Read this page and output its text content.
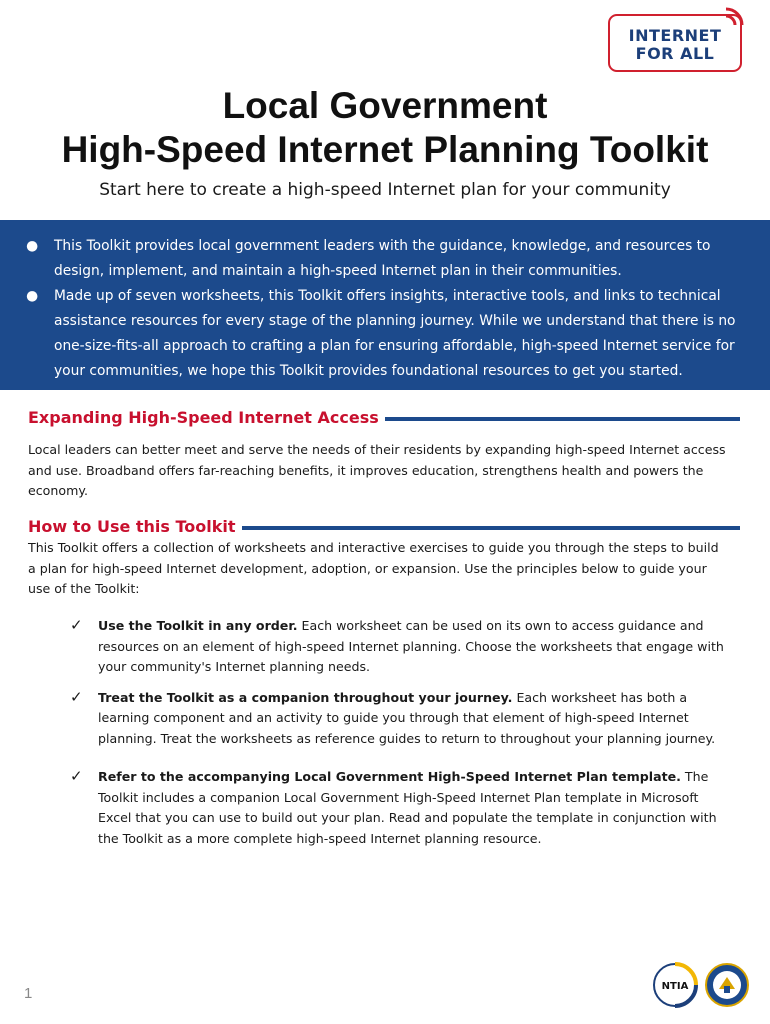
INTERNET
FOR ALL
Local Government
High-Speed Internet Planning Toolkit

Start here to create a high-speed Internet plan for your community

● This Toolkit provides local government leaders with the guidance, knowledge, and resources to design, implement, and maintain a high-speed Internet plan in their communities.
● Made up of seven worksheets, this Toolkit offers insights, interactive tools, and links to technical assistance resources for every stage of the planning journey. While we understand that there is no one-size-fits-all approach to crafting a plan for ensuring affordable, high-speed Internet service for your communities, we hope this Toolkit provides foundational resources to get you started.
Expanding High-Speed Internet Access

Local leaders can better meet and serve the needs of their residents by expanding high-speed Internet access and use. Broadband offers far-reaching benefits, it improves education, strengthens health and powers the economy.

How to Use this Toolkit

This Toolkit offers a collection of worksheets and interactive exercises to guide you through the steps to build a plan for high-speed Internet development, adoption, or expansion. Use the principles below to guide your use of the Toolkit:

✓ Use the Toolkit in any order. Each worksheet can be used on its own to access guidance and resources on an element of high-speed Internet planning. Choose the worksheets that engage with your community's Internet planning needs.
✓ Treat the Toolkit as a companion throughout your journey. Each worksheet has both a learning component and an activity to guide you through that element of high-speed Internet planning. Treat the worksheets as reference guides to return to throughout your planning journey.
✓ Refer to the accompanying Local Government High-Speed Internet Plan template. The Toolkit includes a companion Local Government High-Speed Internet Plan template in Microsoft Excel that you can use to build out your plan. Read and populate the template in conjunction with the Toolkit as a more complete high-speed Internet planning resource.
1	NTIA
